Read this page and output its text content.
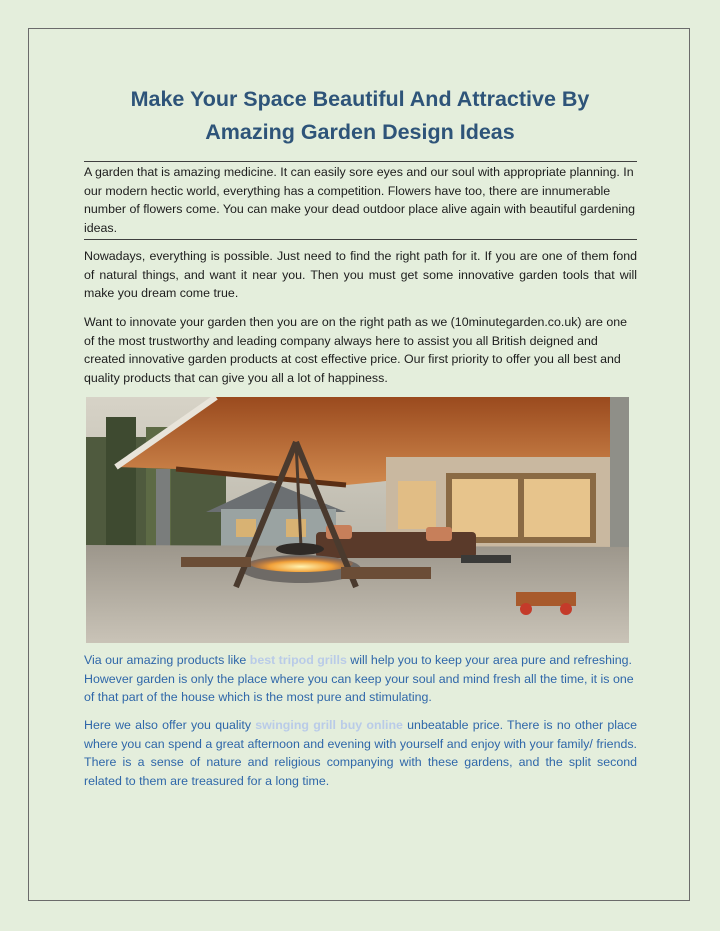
Make Your Space Beautiful And Attractive By
Amazing Garden Design Ideas

A garden that is amazing medicine. It can easily sore eyes and our soul with appropriate planning. In our modern hectic world, everything has a competition. Flowers have too, there are innumerable number of flowers come. You can make your dead outdoor place alive again with beautiful gardening ideas.

Nowadays, everything is possible. Just need to find the right path for it. If you are one of them fond of natural things, and want it near you. Then you must get some innovative garden tools that will make you dream come true.

Want to innovate your garden then you are on the right path as we (10minutegarden.co.uk) are one of the most trustworthy and leading company always here to assist you all British deigned and created innovative garden products at cost effective price. Our first priority to offer you all best and quality products that can give you all a lot of happiness.

Via our amazing products like best tripod grills will help you to keep your area pure and refreshing. However garden is only the place where you can keep your soul and mind fresh all the time, it is one of that part of the house which is the most pure and stimulating.

Here we also offer you quality swinging grill buy online unbeatable price. There is no other place where you can spend a great afternoon and evening with yourself and enjoy with your family/ friends. There is a sense of nature and religious companying with these gardens, and the split second related to them are treasured for a long time.
